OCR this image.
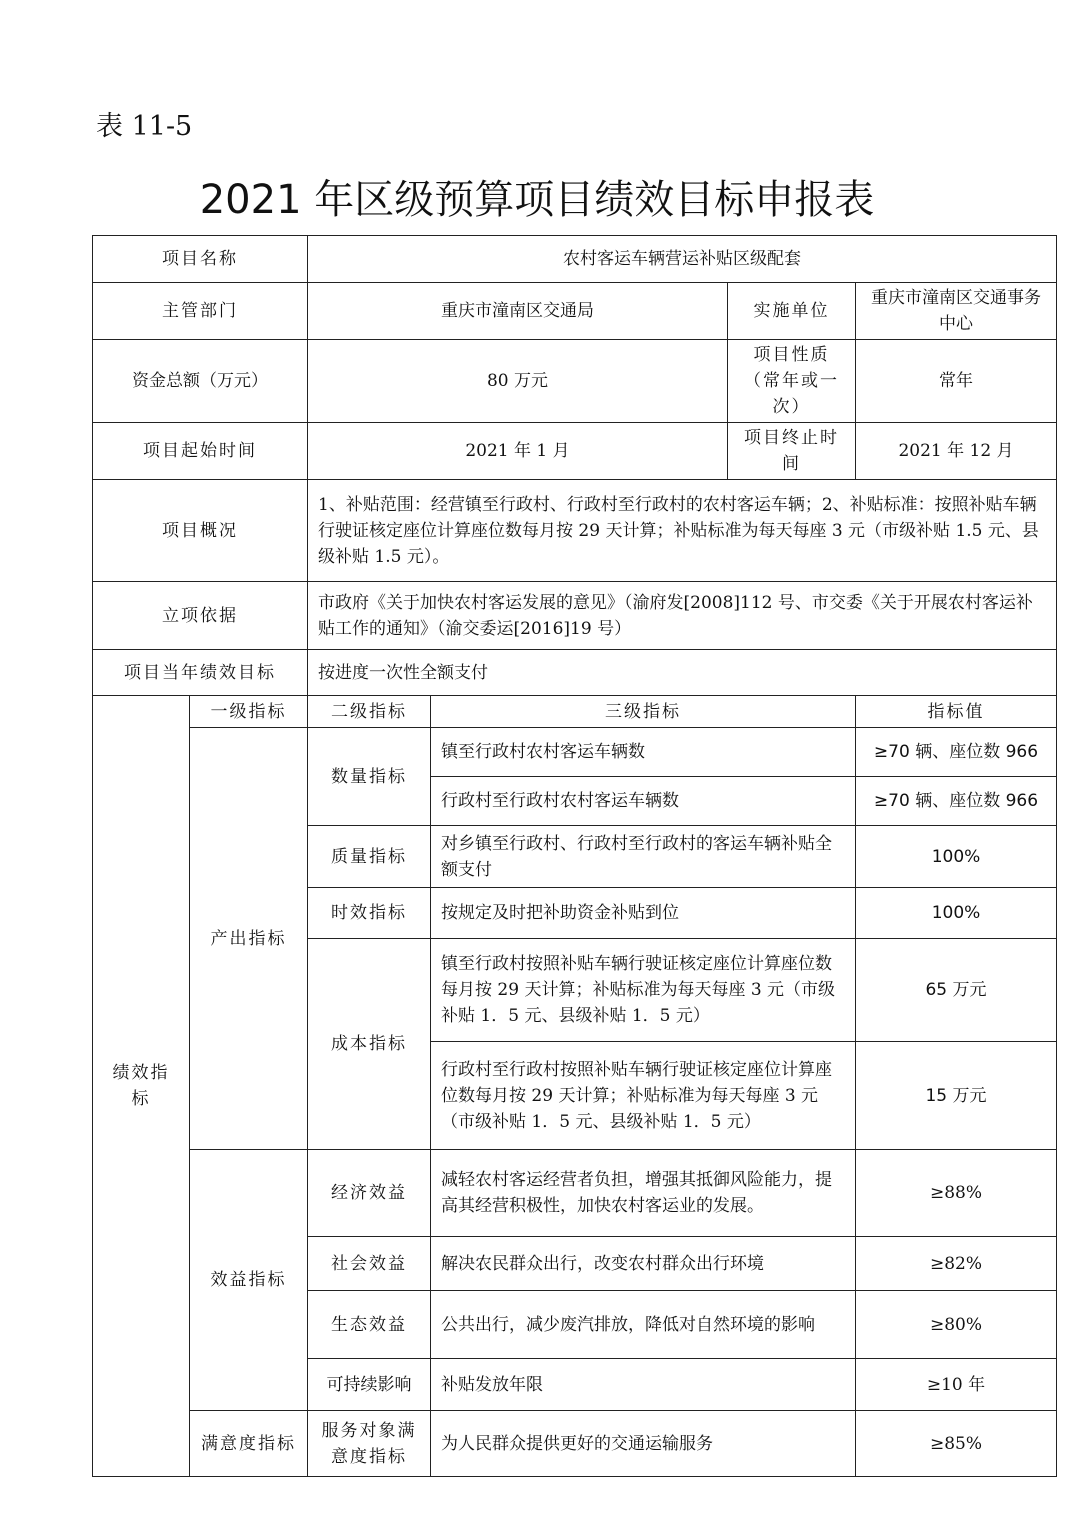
表 11-5
2021 年区级预算项目绩效目标申报表
项目名称		农村客运车辆营运补贴区级配套			
主管部门		重庆市潼南区交通局		实施单位	重庆市潼南区交通事务中心
资金总额（万元）		80 万元		项目性质（常年或一次）	常年
项目起始时间		2021 年 1 月		项目终止时间	2021 年 12 月
项目概况		1、补贴范围：经营镇至行政村、行政村至行政村的农村客运车辆；2、补贴标准：按照补贴车辆行驶证核定座位计算座位数每月按 29 天计算；补贴标准为每天每座 3 元（市级补贴 1.5 元、县级补贴 1.5 元）。			
立项依据		市政府《关于加快农村客运发展的意见》（渝府发[2008]112 号、市交委《关于开展农村客运补贴工作的通知》（渝交委运[2016]19 号）			
项目当年绩效目标		按进度一次性全额支付			
绩效指标	一级指标	二级指标	三级指标		指标值
	产出指标	数量指标	镇至行政村农村客运车辆数		≥70 辆、座位数 966
			行政村至行政村农村客运车辆数		≥70 辆、座位数 966
		质量指标	对乡镇至行政村、行政村至行政村的客运车辆补贴全额支付		100%
		时效指标	按规定及时把补助资金补贴到位		100%
		成本指标	镇至行政村按照补贴车辆行驶证核定座位计算座位数每月按 29 天计算；补贴标准为每天每座 3 元（市级补贴 1．5 元、县级补贴 1．5 元）		65 万元
			行政村至行政村按照补贴车辆行驶证核定座位计算座位数每月按 29 天计算；补贴标准为每天每座 3 元（市级补贴 1．5 元、县级补贴 1．5 元）		15 万元
	效益指标	经济效益	减轻农村客运经营者负担，增强其抵御风险能力，提高其经营积极性，加快农村客运业的发展。		≥88%
		社会效益	解决农民群众出行，改变农村群众出行环境		≥82%
		生态效益	公共出行，减少废汽排放，降低对自然环境的影响		≥80%
		可持续影响	补贴发放年限		≥10 年
	满意度指标	服务对象满意度指标	为人民群众提供更好的交通运输服务		≥85%
